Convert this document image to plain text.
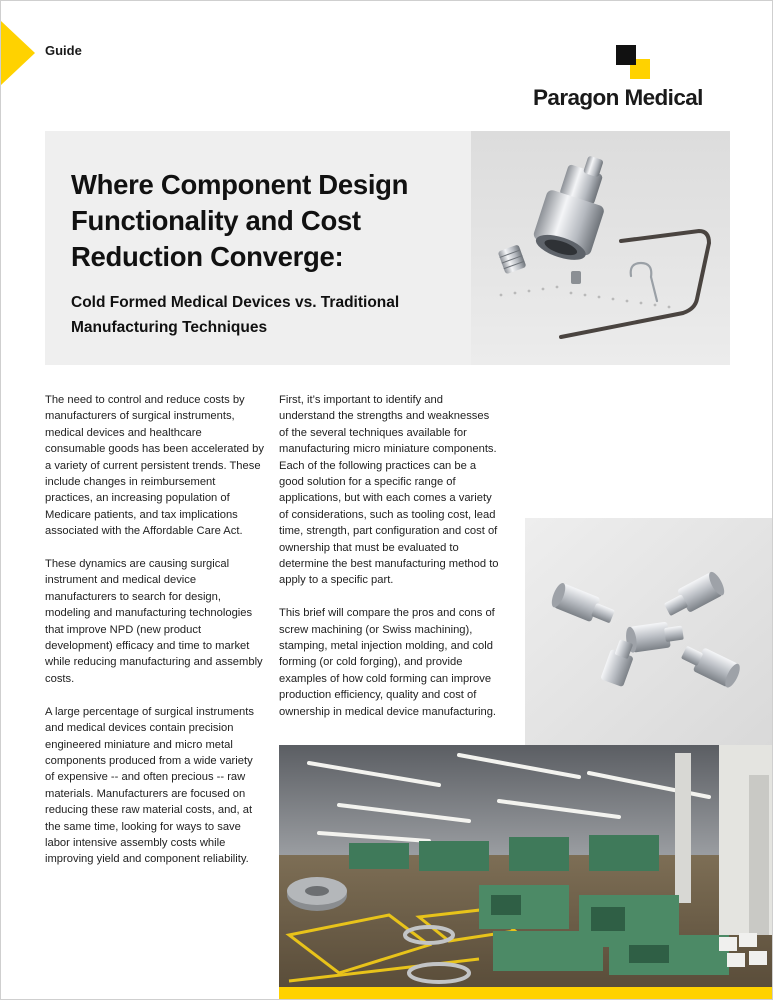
Guide
Paragon Medical
Where Component Design Functionality and Cost Reduction Converge:
Cold Formed Medical Devices vs. Traditional Manufacturing Techniques

The need to control and reduce costs by manufacturers of surgical instruments, medical devices and healthcare consumable goods has been accelerated by a variety of current persistent trends. These include changes in reimbursement practices, an increasing population of Medicare patients, and tax implications associated with the Affordable Care Act.

These dynamics are causing surgical instrument and medical device manufacturers to search for design, modeling and manufacturing technologies that improve NPD (new product development) efficacy and time to market while reducing manufacturing and assembly costs.

A large percentage of surgical instruments and medical devices contain precision engineered miniature and micro metal components produced from a wide variety of expensive -- and often precious -- raw materials. Manufacturers are focused on reducing these raw material costs, and, at the same time, looking for ways to save labor intensive assembly costs while improving yield and component reliability.

First, it’s important to identify and understand the strengths and weaknesses of the several techniques available for manufacturing micro miniature components. Each of the following practices can be a good solution for a specific range of applications, but with each comes a variety of considerations, such as tooling cost, lead time, strength, part configuration and cost of ownership that must be evaluated to determine the best manufacturing method to apply to a specific part.

This brief will compare the pros and cons of screw machining (or Swiss machining), stamping, metal injection molding, and cold forming (or cold forging), and provide examples of how cold forming can improve production efficiency, quality and cost of ownership in medical device manufacturing.
